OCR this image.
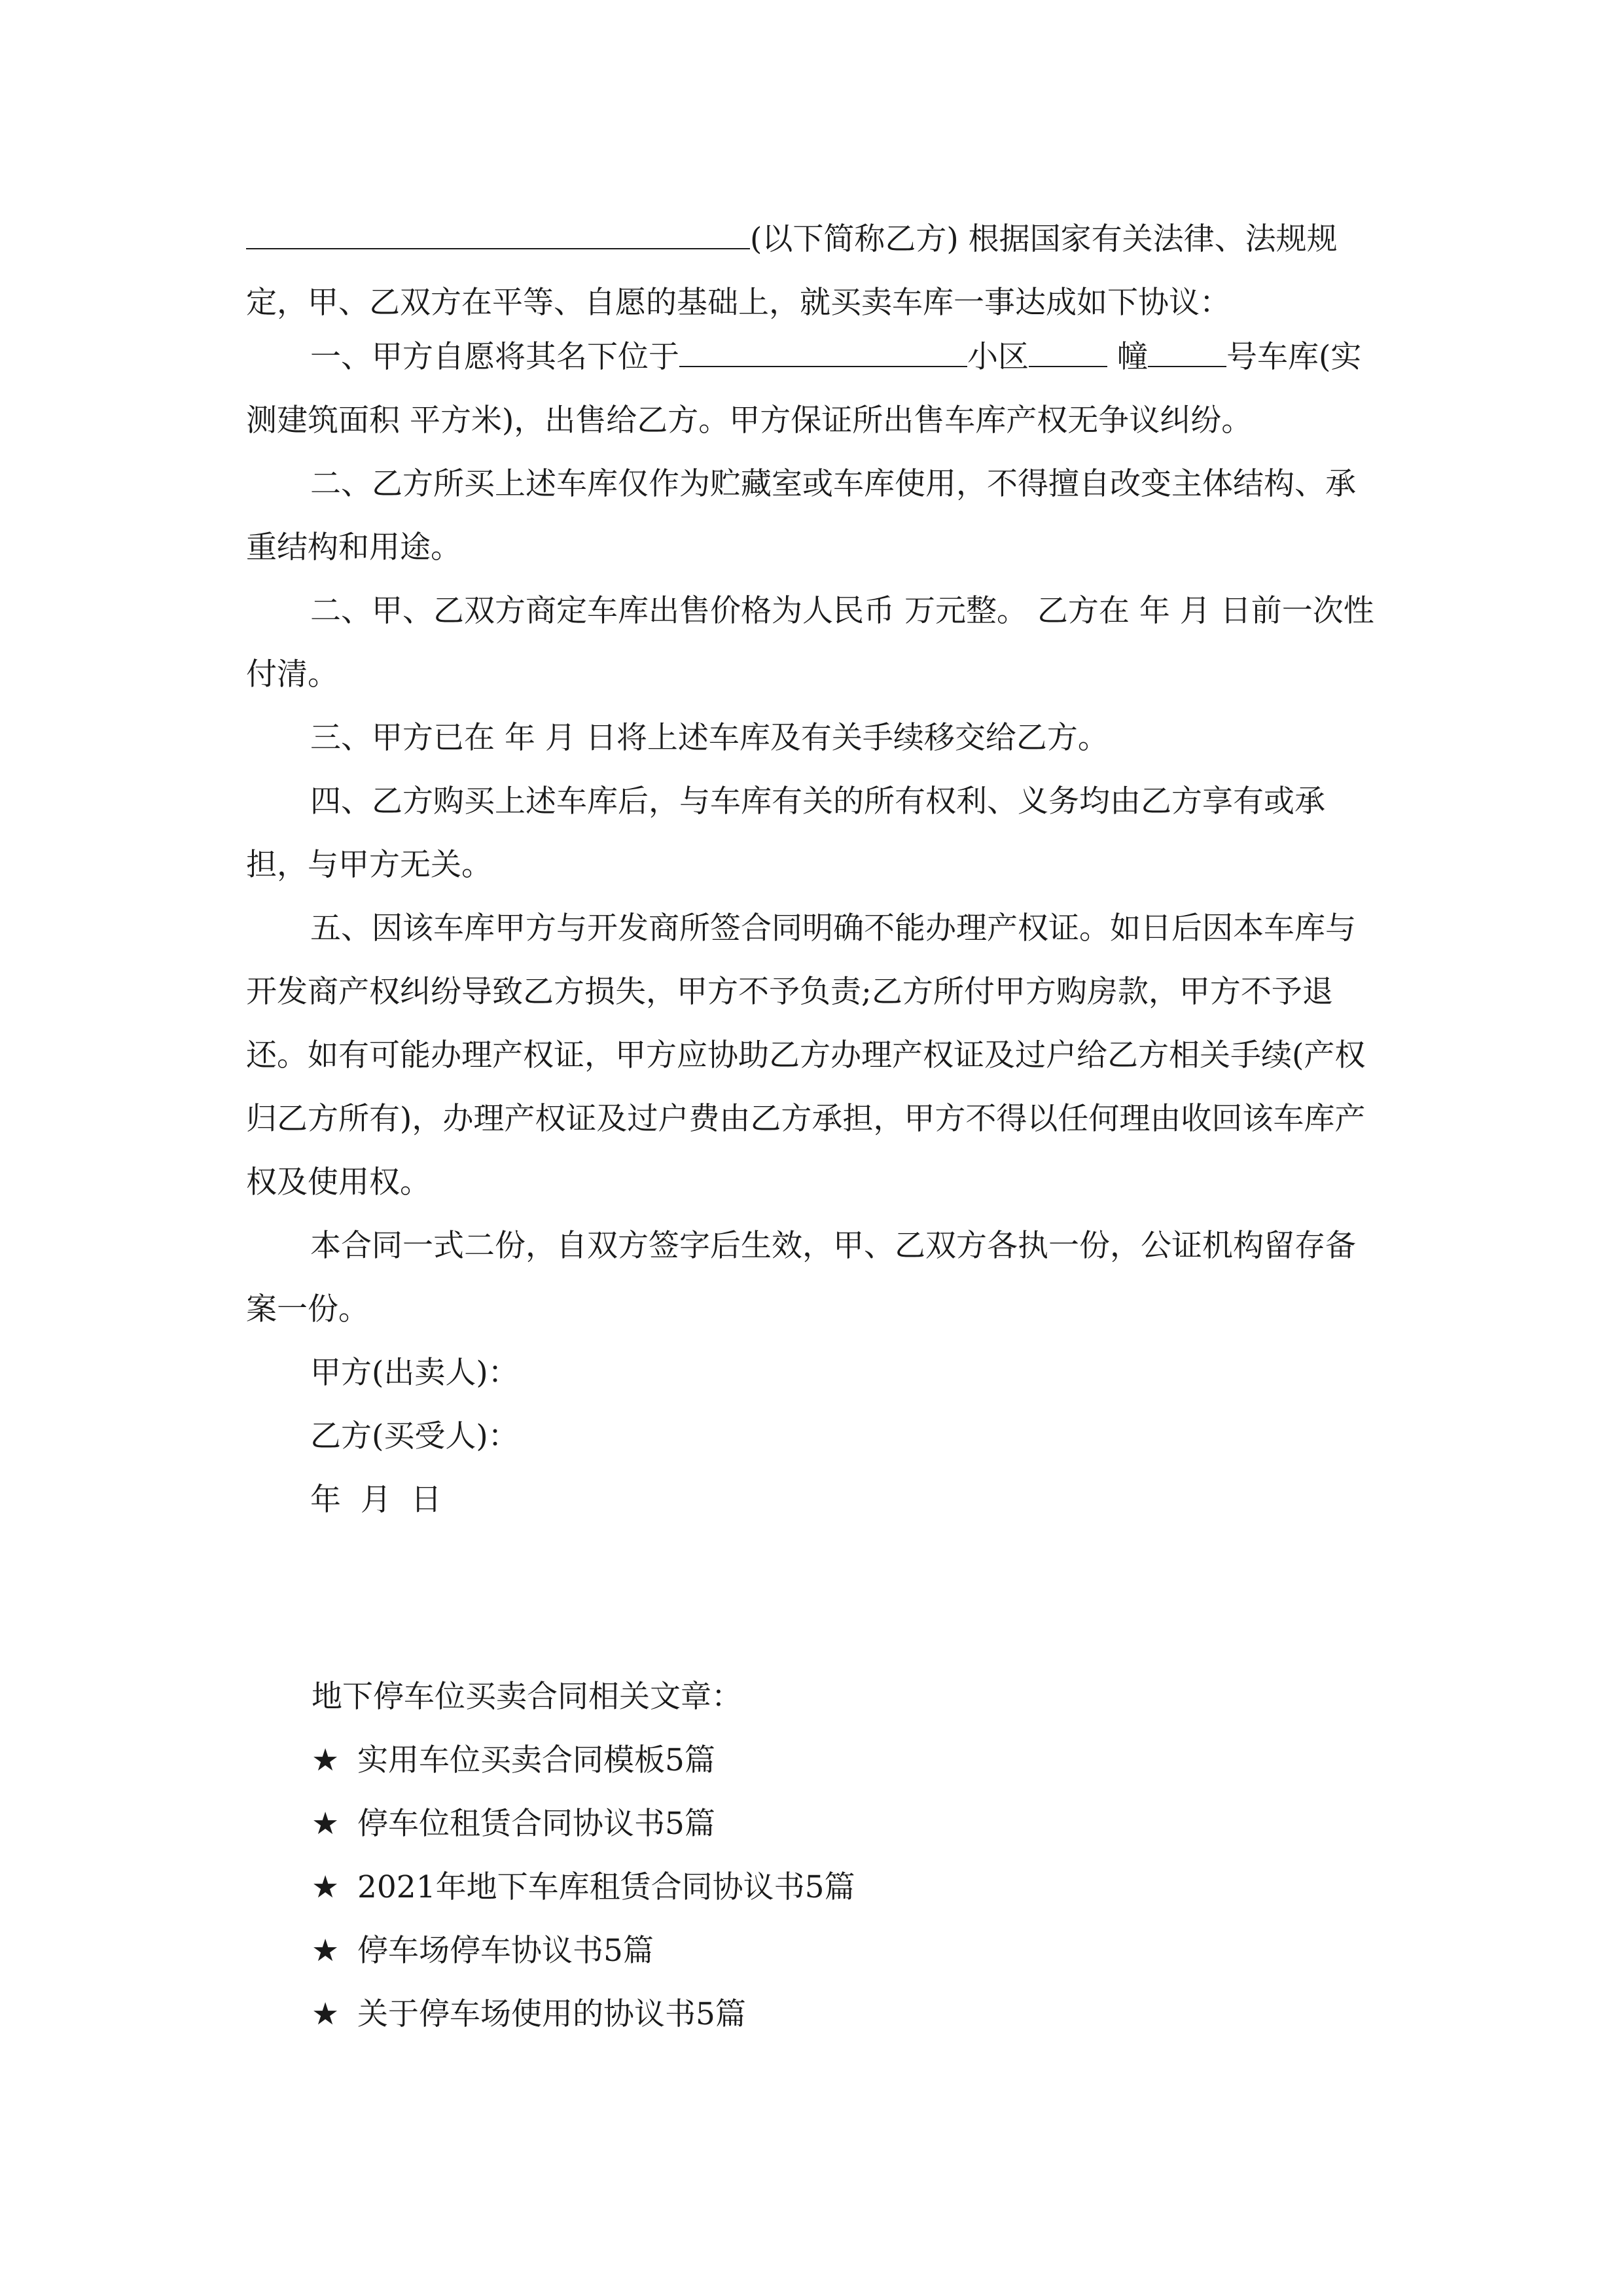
(以下简称乙方) 根据国家有关法律、法规规
定，甲、乙双方在平等、自愿的基础上，就买卖车库一事达成如下协议：

一、甲方自愿将其名下位于	小区	幢	号车库(实测建筑面积 平方米)，出售给乙方。甲方保证所出售车库产权无争议纠纷。

二、乙方所买上述车库仅作为贮藏室或车库使用，不得擅自改变主体结构、承重结构和用途。

二、甲、乙双方商定车库出售价格为人民币 万元整。 乙方在 年 月 日前一次性付清。

三、甲方已在 年 月 日将上述车库及有关手续移交给乙方。

四、乙方购买上述车库后，与车库有关的所有权利、义务均由乙方享有或承担，与甲方无关。

五、因该车库甲方与开发商所签合同明确不能办理产权证。如日后因本车库与开发商产权纠纷导致乙方损失，甲方不予负责;乙方所付甲方购房款，甲方不予退还。如有可能办理产权证，甲方应协助乙方办理产权证及过户给乙方相关手续(产权归乙方所有)，办理产权证及过户费由乙方承担，甲方不得以任何理由收回该车库产权及使用权。

本合同一式二份，自双方签字后生效，甲、乙双方各执一份，公证机构留存备案一份。

甲方(出卖人)：

乙方(买受人)：

年  月  日

地下停车位买卖合同相关文章：

★ 实用车位买卖合同模板5篇

★ 停车位租赁合同协议书5篇

★ 2021年地下车库租赁合同协议书5篇

★ 停车场停车协议书5篇

★ 关于停车场使用的协议书5篇
